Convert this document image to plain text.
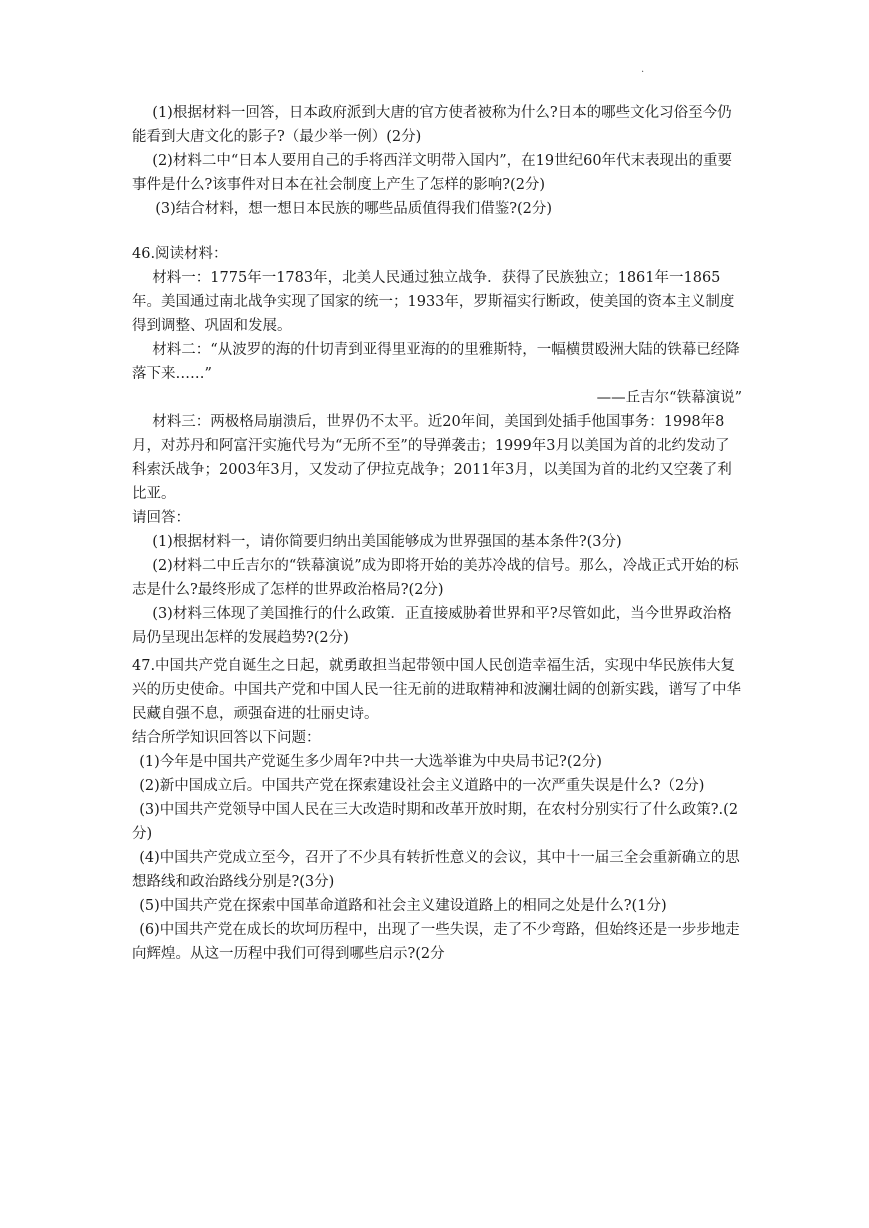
.

(1)根据材料一回答，日本政府派到大唐的官方使者被称为什么?日本的哪些文化习俗至今仍能看到大唐文化的影子?（最少举一例）(2分)

(2)材料二中“日本人要用自己的手将西洋文明带入国内”，在19世纪60年代末表现出的重要事件是什么?该事件对日本在社会制度上产生了怎样的影响?(2分)

(3)结合材料，想一想日本民族的哪些品质值得我们借鉴?(2分)

46.阅读材料：

材料一：1775年一1783年，北美人民通过独立战争．获得了民族独立；1861年一1865年。美国通过南北战争实现了国家的统一；1933年，罗斯福实行断政，使美国的资本主义制度得到调整、巩固和发展。

材料二：“从波罗的海的什切青到亚得里亚海的的里雅斯特，一幅横贯殴洲大陆的铁幕已经降落下来……”

——丘吉尔“铁幕演说”

材料三：两极格局崩溃后，世界仍不太平。近20年间，美国到处插手他国事务：1998年8月，对苏丹和阿富汗实施代号为“无所不至”的导弹袭击；1999年3月以美国为首的北约发动了科索沃战争；2003年3月，又发动了伊拉克战争；2011年3月，以美国为首的北约又空袭了利比亚。

请回答：

(1)根据材料一，请你简要归纳出美国能够成为世界强国的基本条件?(3分)

(2)材料二中丘吉尔的“铁幕演说”成为即将开始的美苏冷战的信号。那么，冷战正式开始的标志是什么?最终形成了怎样的世界政治格局?(2分)

(3)材料三体现了美国推行的什么政策．正直接威胁着世界和平?尽管如此，当今世界政治格局仍呈现出怎样的发展趋势?(2分)

47.中国共产党自诞生之日起，就勇敢担当起带领中国人民创造幸福生活，实现中华民族伟大复兴的历史使命。中国共产党和中国人民一往无前的进取精神和波澜壮阔的创新实践，谱写了中华民藏自强不息，顽强奋进的壮丽史诗。

结合所学知识回答以下问题：

(1)今年是中国共产党诞生多少周年?中共一大选举谁为中央局书记?(2分)

(2)新中国成立后。中国共产党在探索建设社会主义道路中的一次严重失误是什么?（2分)

(3)中国共产党领导中国人民在三大改造时期和改革开放时期，在农村分别实行了什么政策?.(2分)

(4)中国共产党成立至今，召开了不少具有转折性意义的会议，其中十一届三全会重新确立的思想路线和政治路线分别是?(3分)

(5)中国共产党在探索中国革命道路和社会主义建设道路上的相同之处是什么?(1分)

(6)中国共产党在成长的坎坷历程中，出现了一些失误，走了不少弯路，但始终还是一步步地走向辉煌。从这一历程中我们可得到哪些启示?(2分
